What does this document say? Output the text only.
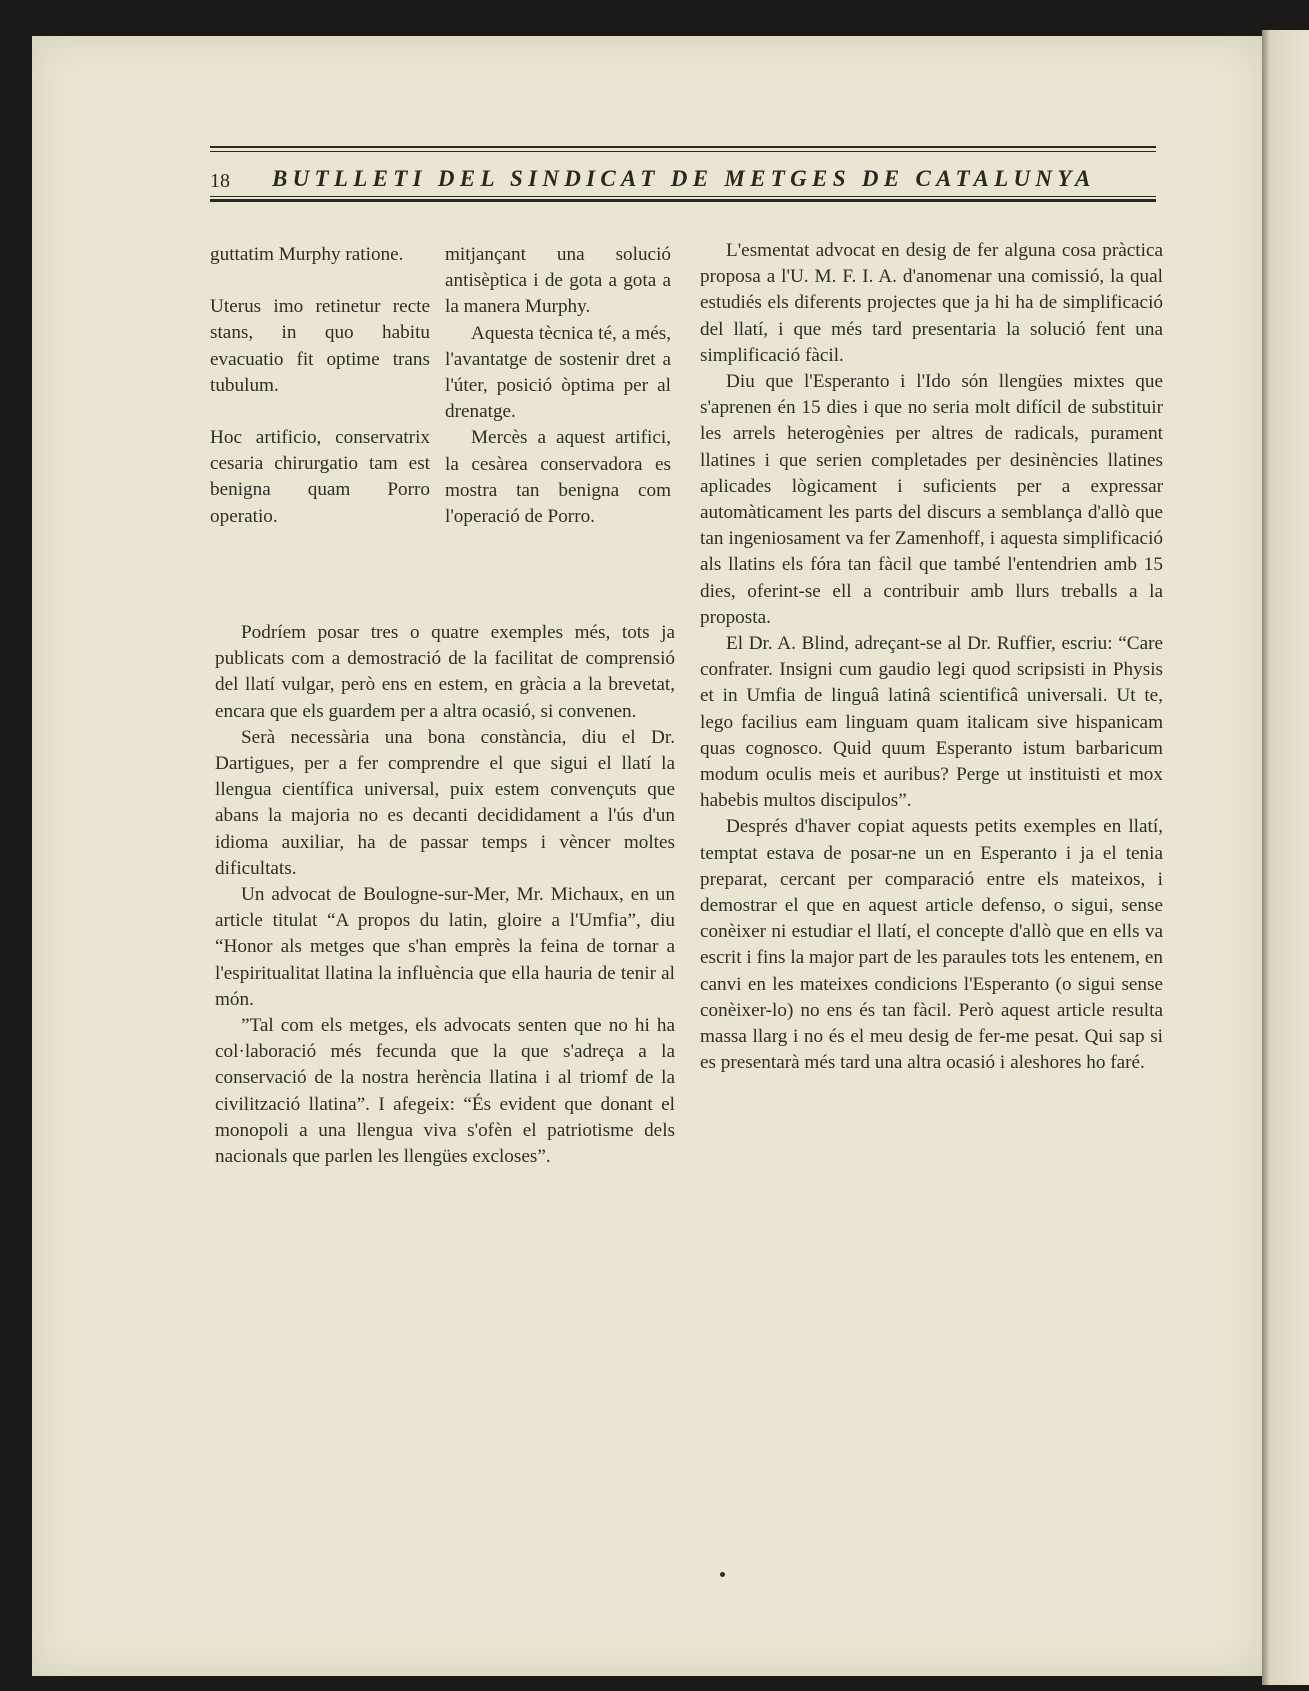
18 BUTLLETI DEL SINDICAT DE METGES DE CATALUNYA

guttatim Murphy ratione.

Uterus imo retinetur recte stans, in quo habitu evacuatio fit optime trans tubulum.

Hoc artificio, conservatrix cesaria chirurgatio tam est benigna quam Porro operatio.

mitjançant una solució antisèptica i de gota a gota a la manera Murphy.

Aquesta tècnica té, a més, l'avantatge de sostenir dret a l'úter, posició òptima per al drenatge.

Mercès a aquest artifici, la cesàrea conservadora es mostra tan benigna com l'operació de Porro.

Podríem posar tres o quatre exemples més, tots ja publicats com a demostració de la facilitat de comprensió del llatí vulgar, però ens en estem, en gràcia a la brevetat, encara que els guardem per a altra ocasió, si convenen.

Serà necessària una bona constància, diu el Dr. Dartigues, per a fer comprendre el que sigui el llatí la llengua científica universal, puix estem convençuts que abans la majoria no es decanti decididament a l'ús d'un idioma auxiliar, ha de passar temps i vèncer moltes dificultats.

Un advocat de Boulogne-sur-Mer, Mr. Michaux, en un article titulat “A propos du latin, gloire a l'Umfia”, diu “Honor als metges que s'han emprès la feina de tornar a l'espiritualitat llatina la influència que ella hauria de tenir al món.

”Tal com els metges, els advocats senten que no hi ha col·laboració més fecunda que la que s'adreça a la conservació de la nostra herència llatina i al triomf de la civilització llatina”. I afegeix: “És evident que donant el monopoli a una llengua viva s'ofèn el patriotisme dels nacionals que parlen les llengües excloses”.

L'esmentat advocat en desig de fer alguna cosa pràctica proposa a l'U. M. F. I. A. d'anomenar una comissió, la qual estudiés els diferents projectes que ja hi ha de simplificació del llatí, i que més tard presentaria la solució fent una simplificació fàcil.

Diu que l'Esperanto i l'Ido són llengües mixtes que s'aprenen én 15 dies i que no seria molt difícil de substituir les arrels heterogènies per altres de radicals, purament llatines i que serien completades per desinències llatines aplicades lògicament i suficients per a expressar automàticament les parts del discurs a semblança d'allò que tan ingeniosament va fer Zamenhoff, i aquesta simplificació als llatins els fóra tan fàcil que també l'entendrien amb 15 dies, oferint-se ell a contribuir amb llurs treballs a la proposta.

El Dr. A. Blind, adreçant-se al Dr. Ruffier, escriu: “Care confrater. Insigni cum gaudio legi quod scripsisti in Physis et in Umfia de linguâ latinâ scientificâ universali. Ut te, lego facilius eam linguam quam italicam sive hispanicam quas cognosco. Quid quum Esperanto istum barbaricum modum oculis meis et auribus? Perge ut instituisti et mox habebis multos discipulos”.

Després d'haver copiat aquests petits exemples en llatí, temptat estava de posar-ne un en Esperanto i ja el tenia preparat, cercant per comparació entre els mateixos, i demostrar el que en aquest article defenso, o sigui, sense conèixer ni estudiar el llatí, el concepte d'allò que en ells va escrit i fins la major part de les paraules tots les entenem, en canvi en les mateixes condicions l'Esperanto (o sigui sense conèixer-lo) no ens és tan fàcil. Però aquest article resulta massa llarg i no és el meu desig de fer-me pesat. Qui sap si es presentarà més tard una altra ocasió i aleshores ho faré.
